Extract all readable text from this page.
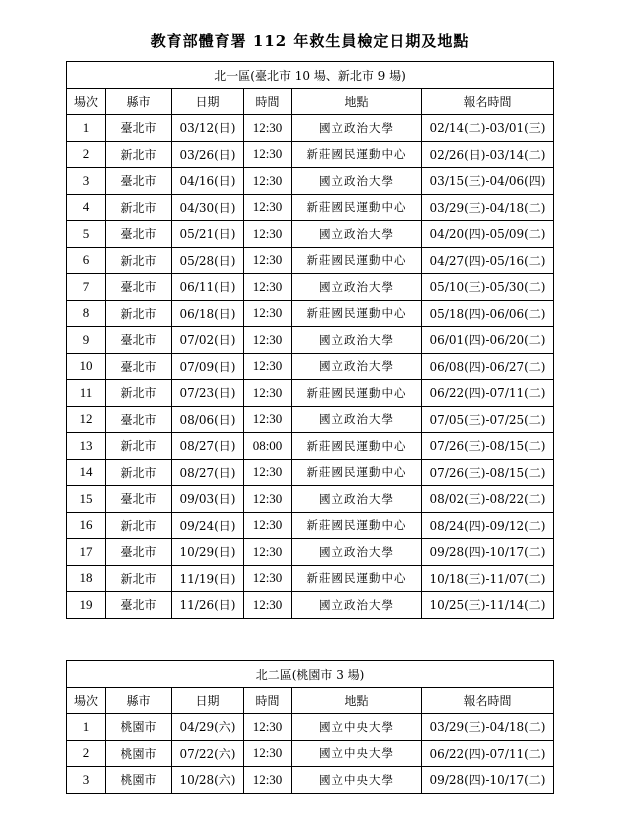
教育部體育署 112 年救生員檢定日期及地點
北一區(臺北市 10 場、新北市 9 場)					
場次	縣市	日期	時間	地點	報名時間
1	臺北市	03/12(日)	12:30	國立政治大學	02/14(二)-03/01(三)
2	新北市	03/26(日)	12:30	新莊國民運動中心	02/26(日)-03/14(二)
3	臺北市	04/16(日)	12:30	國立政治大學	03/15(三)-04/06(四)
4	新北市	04/30(日)	12:30	新莊國民運動中心	03/29(三)-04/18(二)
5	臺北市	05/21(日)	12:30	國立政治大學	04/20(四)-05/09(二)
6	新北市	05/28(日)	12:30	新莊國民運動中心	04/27(四)-05/16(二)
7	臺北市	06/11(日)	12:30	國立政治大學	05/10(三)-05/30(二)
8	新北市	06/18(日)	12:30	新莊國民運動中心	05/18(四)-06/06(二)
9	臺北市	07/02(日)	12:30	國立政治大學	06/01(四)-06/20(二)
10	臺北市	07/09(日)	12:30	國立政治大學	06/08(四)-06/27(二)
11	新北市	07/23(日)	12:30	新莊國民運動中心	06/22(四)-07/11(二)
12	臺北市	08/06(日)	12:30	國立政治大學	07/05(三)-07/25(二)
13	新北市	08/27(日)	08:00	新莊國民運動中心	07/26(三)-08/15(二)
14	新北市	08/27(日)	12:30	新莊國民運動中心	07/26(三)-08/15(二)
15	臺北市	09/03(日)	12:30	國立政治大學	08/02(三)-08/22(二)
16	新北市	09/24(日)	12:30	新莊國民運動中心	08/24(四)-09/12(二)
17	臺北市	10/29(日)	12:30	國立政治大學	09/28(四)-10/17(二)
18	新北市	11/19(日)	12:30	新莊國民運動中心	10/18(三)-11/07(二)
19	臺北市	11/26(日)	12:30	國立政治大學	10/25(三)-11/14(二)
北二區(桃園市 3 場)					
場次	縣市	日期	時間	地點	報名時間
1	桃園市	04/29(六)	12:30	國立中央大學	03/29(三)-04/18(二)
2	桃園市	07/22(六)	12:30	國立中央大學	06/22(四)-07/11(二)
3	桃園市	10/28(六)	12:30	國立中央大學	09/28(四)-10/17(二)
